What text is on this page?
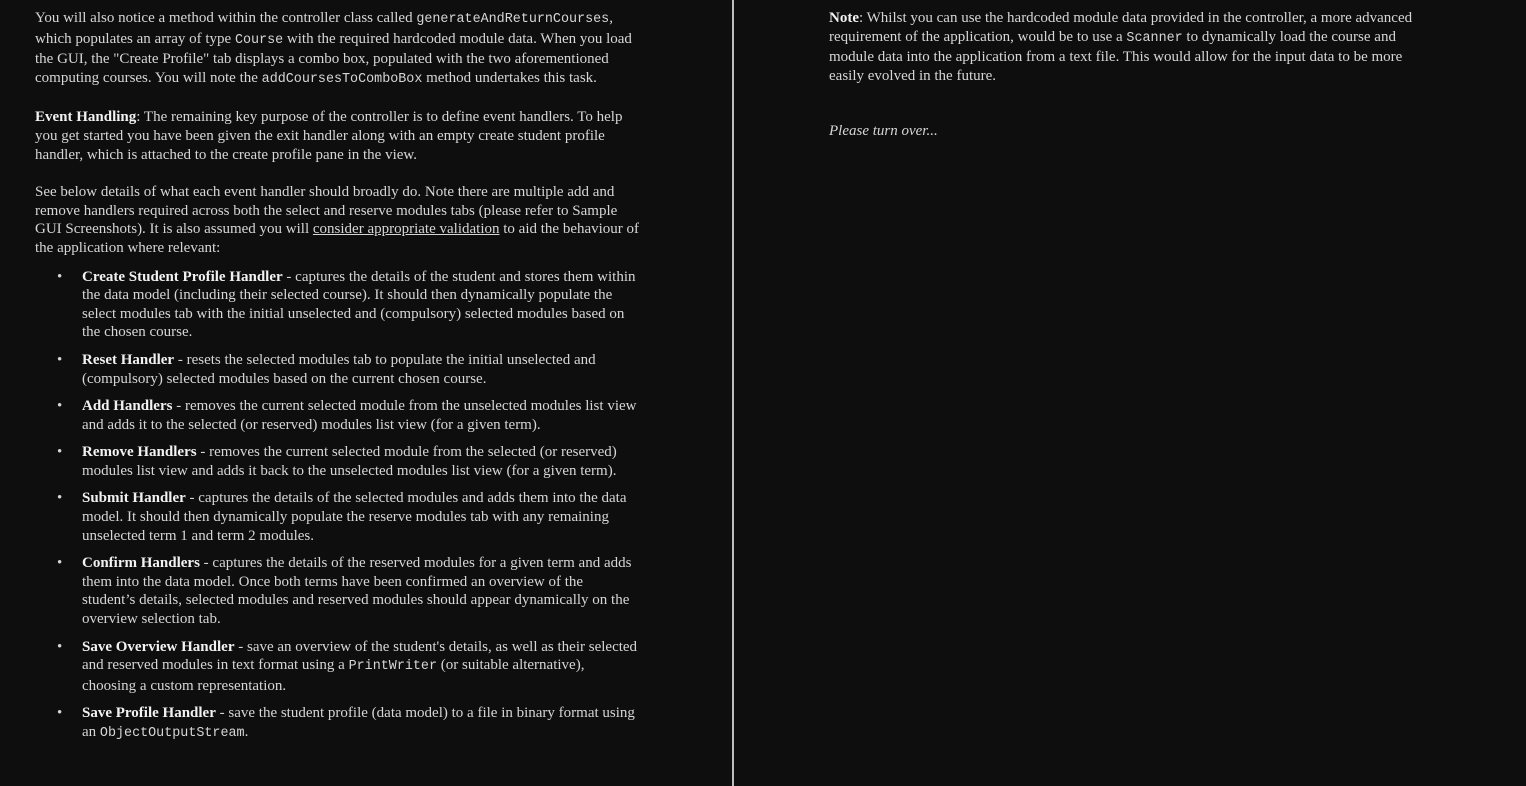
You will also notice a method within the controller class called generateAndReturnCourses, which populates an array of type Course with the required hardcoded module data. When you load the GUI, the "Create Profile" tab displays a combo box, populated with the two aforementioned computing courses. You will note the addCoursesToComboBox method undertakes this task.

Event Handling: The remaining key purpose of the controller is to define event handlers. To help you get started you have been given the exit handler along with an empty create student profile handler, which is attached to the create profile pane in the view.

See below details of what each event handler should broadly do. Note there are multiple add and remove handlers required across both the select and reserve modules tabs (please refer to Sample GUI Screenshots). It is also assumed you will consider appropriate validation to aid the behaviour of the application where relevant:

• Create Student Profile Handler - captures the details of the student and stores them within the data model (including their selected course). It should then dynamically populate the select modules tab with the initial unselected and (compulsory) selected modules based on the chosen course.
• Reset Handler - resets the selected modules tab to populate the initial unselected and (compulsory) selected modules based on the current chosen course.
• Add Handlers - removes the current selected module from the unselected modules list view and adds it to the selected (or reserved) modules list view (for a given term).
• Remove Handlers - removes the current selected module from the selected (or reserved) modules list view and adds it back to the unselected modules list view (for a given term).
• Submit Handler - captures the details of the selected modules and adds them into the data model. It should then dynamically populate the reserve modules tab with any remaining unselected term 1 and term 2 modules.
• Confirm Handlers - captures the details of the reserved modules for a given term and adds them into the data model. Once both terms have been confirmed an overview of the student’s details, selected modules and reserved modules should appear dynamically on the overview selection tab.
• Save Overview Handler - save an overview of the student's details, as well as their selected and reserved modules in text format using a PrintWriter (or suitable alternative), choosing a custom representation.
• Save Profile Handler - save the student profile (data model) to a file in binary format using an ObjectOutputStream.

Note: Whilst you can use the hardcoded module data provided in the controller, a more advanced requirement of the application, would be to use a Scanner to dynamically load the course and module data into the application from a text file. This would allow for the input data to be more easily evolved in the future.

Please turn over...
